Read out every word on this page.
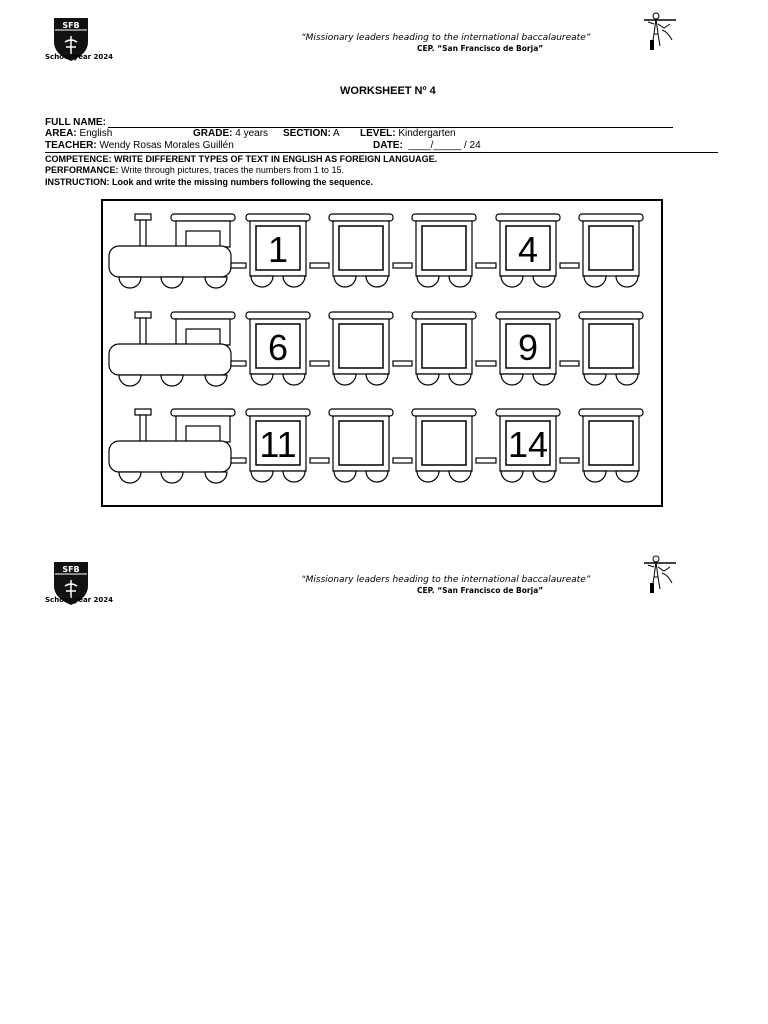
SFB
School year 2024
“Missionary leaders heading to the international baccalaureate”
CEP. “San Francisco de Borja”
WORKSHEET Nº 4
FULL NAME:
AREA: English	GRADE: 4 years SECTION: A LEVEL: Kindergarten
TEACHER: Wendy Rosas Morales Guillén	DATE: ____/_____ / 24
COMPETENCE: WRITE DIFFERENT TYPES OF TEXT IN ENGLISH AS FOREIGN LANGUAGE.
PERFORMANCE: Write through pictures, traces the numbers from 1 to 15.
INSTRUCTION: Look and write the missing numbers following the sequence.
1	4
6	9
11	14
SFB
School year 2024
“Missionary leaders heading to the international baccalaureate”
CEP. “San Francisco de Borja”
